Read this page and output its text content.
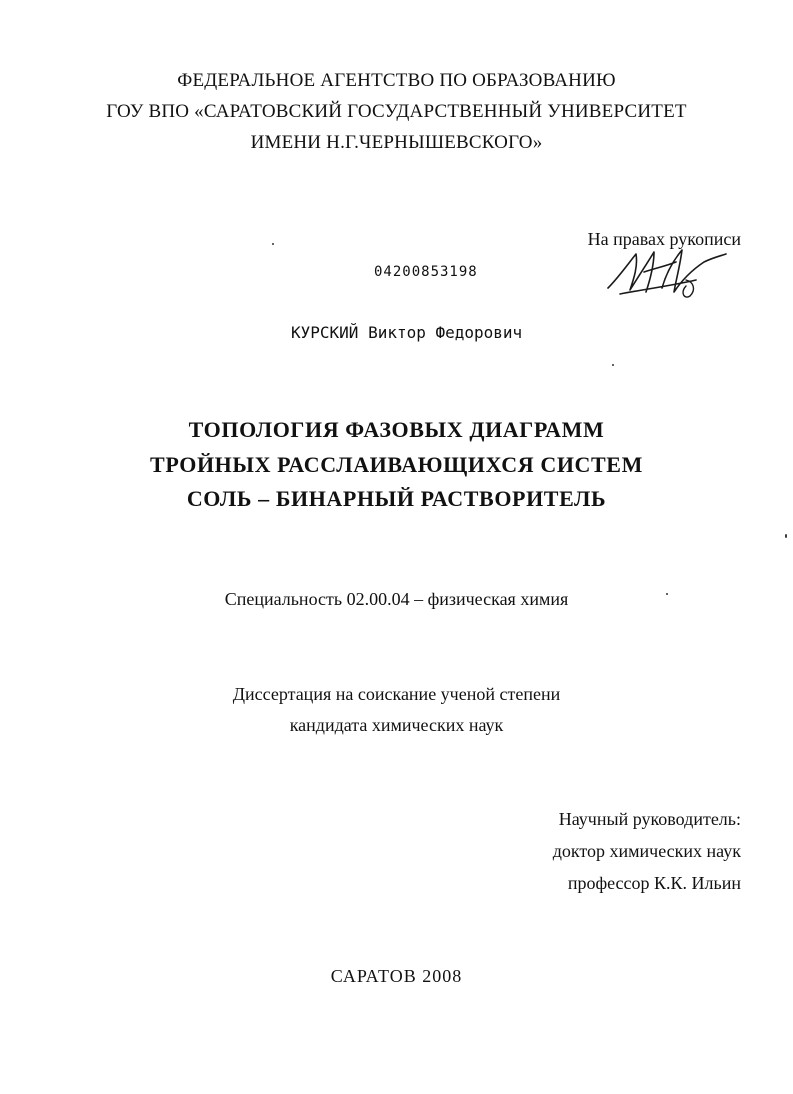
ФЕДЕРАЛЬНОЕ АГЕНТСТВО ПО ОБРАЗОВАНИЮ
ГОУ ВПО «САРАТОВСКИЙ ГОСУДАРСТВЕННЫЙ УНИВЕРСИТЕТ
ИМЕНИ Н.Г.ЧЕРНЫШЕВСКОГО»
На правах рукописи
04200853198
КУРСКИЙ Виктор Федорович
ТОПОЛОГИЯ ФАЗОВЫХ ДИАГРАММ
ТРОЙНЫХ РАССЛАИВАЮЩИХСЯ СИСТЕМ
СОЛЬ – БИНАРНЫЙ РАСТВОРИТЕЛЬ
Специальность 02.00.04 – физическая химия
Диссертация на соискание ученой степени
кандидата химических наук
Научный руководитель:
доктор химических наук
профессор К.К. Ильин
САРАТОВ 2008
